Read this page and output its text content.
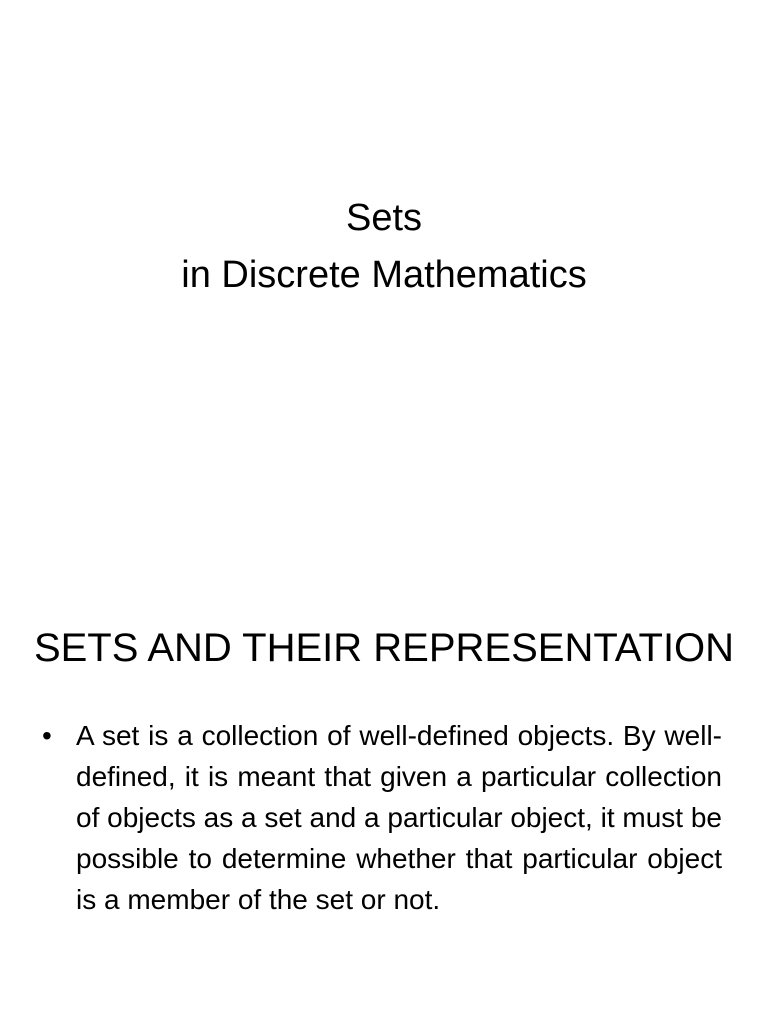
Sets
in Discrete Mathematics
SETS AND THEIR REPRESENTATION
• A set is a collection of well-defined objects. By well-defined, it is meant that given a particular collection of objects as a set and a particular object, it must be possible to determine whether that particular object is a member of the set or not.
